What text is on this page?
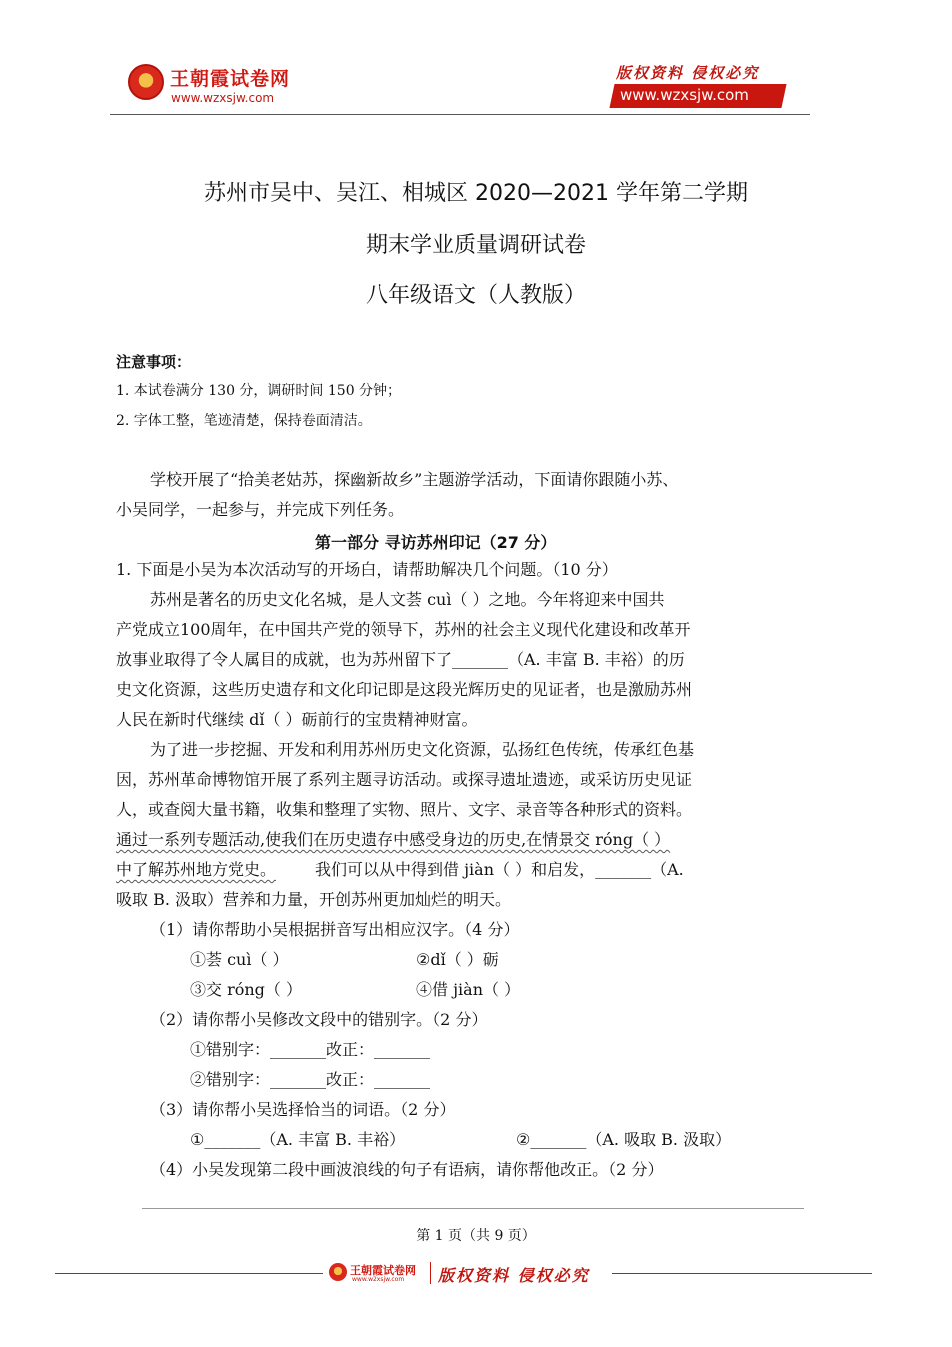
王朝霞试卷网
www.wzxsjw.com
版权资料 侵权必究
www.wzxsjw.com
苏州市吴中、吴江、相城区 2020—2021 学年第二学期
期末学业质量调研试卷
八年级语文（人教版）
注意事项：
1. 本试卷满分 130 分，调研时间 150 分钟；
2. 字体工整，笔迹清楚，保持卷面清洁。
学校开展了“拾美老姑苏，探幽新故乡”主题游学活动，下面请你跟随小苏、
小吴同学，一起参与，并完成下列任务。
第一部分 寻访苏州印记（27 分）
1. 下面是小吴为本次活动写的开场白，请帮助解决几个问题。（10 分）
苏州是著名的历史文化名城，是人文荟 cuì（ ）之地。今年将迎来中国共
产党成立100周年，在中国共产党的领导下，苏州的社会主义现代化建设和改革开
放事业取得了令人属目的成就，也为苏州留下了_______（A. 丰富 B. 丰裕）的历
史文化资源，这些历史遗存和文化印记即是这段光辉历史的见证者，也是激励苏州
人民在新时代继续 dǐ（ ）砺前行的宝贵精神财富。
为了进一步挖掘、开发和利用苏州历史文化资源，弘扬红色传统，传承红色基
因，苏州革命博物馆开展了系列主题寻访活动。或探寻遗址遗迹，或采访历史见证
人，或查阅大量书籍，收集和整理了实物、照片、文字、录音等各种形式的资料。
通过一系列专题活动,使我们在历史遗存中感受身边的历史,在情景交 róng（ ）
中了解苏州地方党史。 我们可以从中得到借 jiàn（ ）和启发，_______（A.
吸取 B. 汲取）营养和力量，开创苏州更加灿烂的明天。
（1）请你帮助小吴根据拼音写出相应汉字。（4 分）
①荟 cuì（ ）	②dǐ（ ）砺
③交 róng（ ）	④借 jiàn（ ）
（2）请你帮小吴修改文段中的错别字。（2 分）
①错别字：_______改正：_______
②错别字：_______改正：_______
（3）请你帮小吴选择恰当的词语。（2 分）
①_______（A. 丰富 B. 丰裕）	②_______（A. 吸取 B. 汲取）
（4）小吴发现第二段中画波浪线的句子有语病，请你帮他改正。（2 分）
第 1 页（共 9 页）
王朝霞试卷网
www.w2xsjw.com 版权资料 侵权必究
